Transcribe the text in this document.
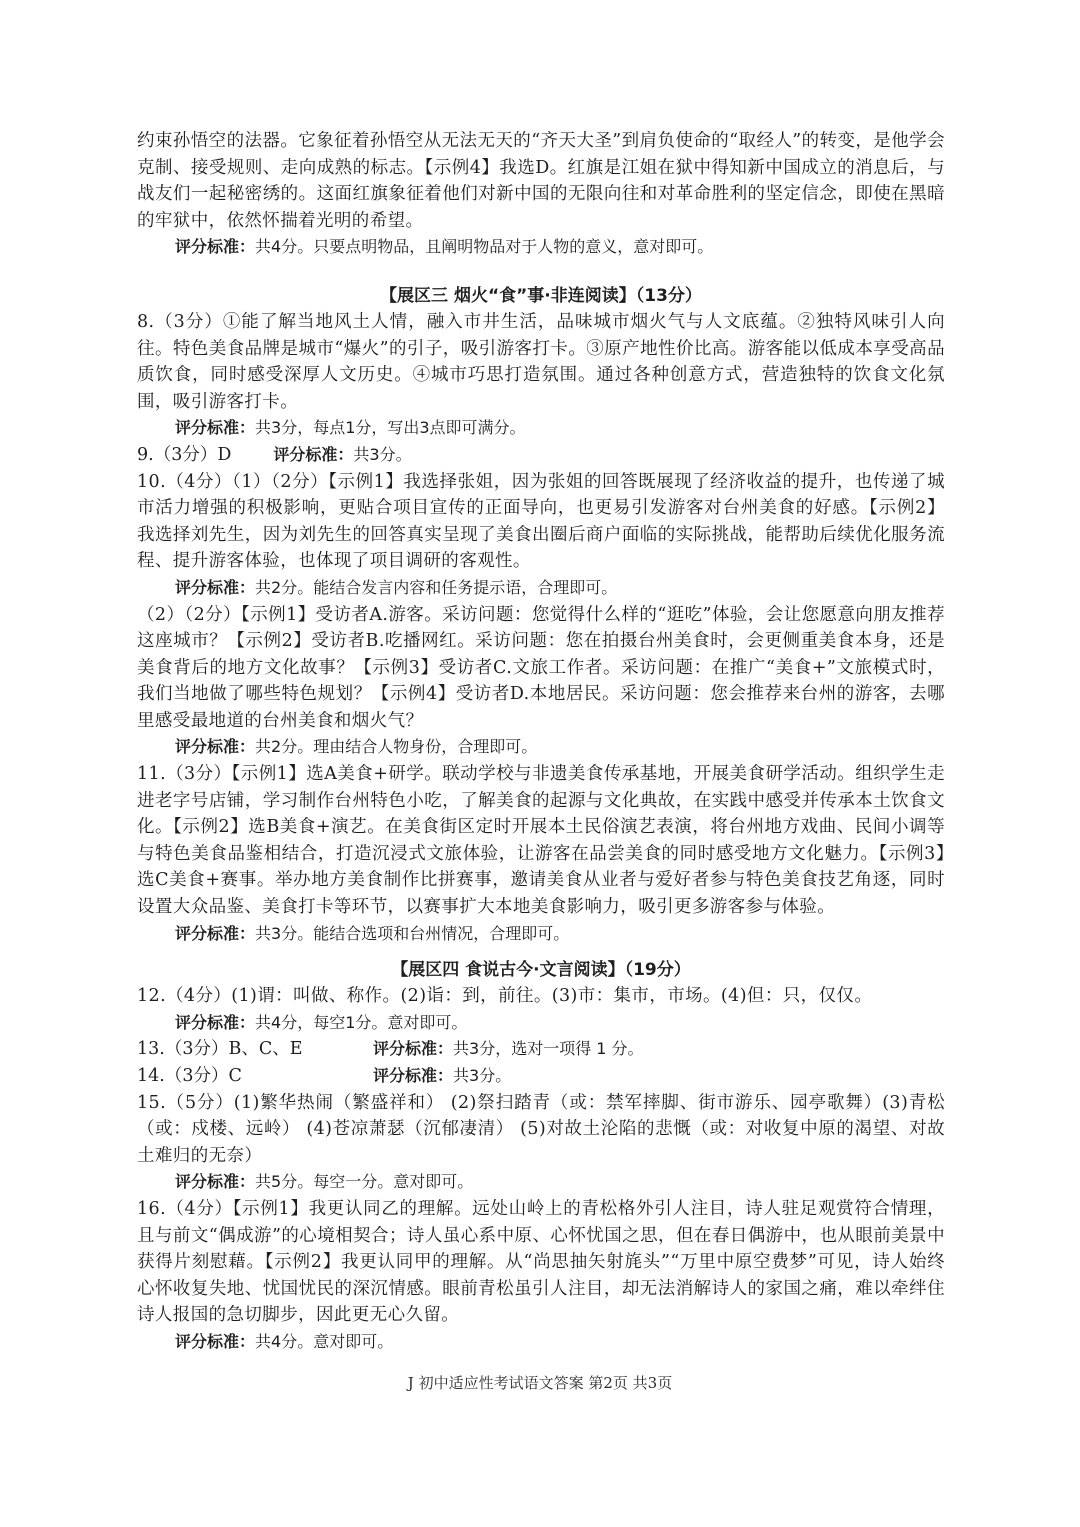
约束孙悟空的法器。它象征着孙悟空从无法无天的“齐天大圣”到肩负使命的“取经人”的转变，是他学会克制、接受规则、走向成熟的标志。【示例4】我选D。红旗是江姐在狱中得知新中国成立的消息后，与战友们一起秘密绣的。这面红旗象征着他们对新中国的无限向往和对革命胜利的坚定信念，即使在黑暗的牢狱中，依然怀揣着光明的希望。

评分标准：共4分。只要点明物品，且阐明物品对于人物的意义，意对即可。

【展区三 烟火“食”事·非连阅读】（13分）

8.（3分）①能了解当地风土人情，融入市井生活，品味城市烟火气与人文底蕴。②独特风味引人向往。特色美食品牌是城市“爆火”的引子，吸引游客打卡。③原产地性价比高。游客能以低成本享受高品质饮食，同时感受深厚人文历史。④城市巧思打造氛围。通过各种创意方式，营造独特的饮食文化氛围，吸引游客打卡。

评分标准：共3分，每点1分，写出3点即可满分。

9.（3分）D	评分标准：共3分。

10.（4分）（1）（2分）【示例1】我选择张姐，因为张姐的回答既展现了经济收益的提升，也传递了城市活力增强的积极影响，更贴合项目宣传的正面导向，也更易引发游客对台州美食的好感。【示例2】我选择刘先生，因为刘先生的回答真实呈现了美食出圈后商户面临的实际挑战，能帮助后续优化服务流程、提升游客体验，也体现了项目调研的客观性。

评分标准：共2分。能结合发言内容和任务提示语，合理即可。

（2）（2分）【示例1】受访者A.游客。采访问题：您觉得什么样的“逛吃”体验，会让您愿意向朋友推荐这座城市？【示例2】受访者B.吃播网红。采访问题：您在拍摄台州美食时，会更侧重美食本身，还是美食背后的地方文化故事？【示例3】受访者C.文旅工作者。采访问题：在推广“美食+”文旅模式时，我们当地做了哪些特色规划？【示例4】受访者D.本地居民。采访问题：您会推荐来台州的游客，去哪里感受最地道的台州美食和烟火气？

评分标准：共2分。理由结合人物身份，合理即可。

11.（3分）【示例1】选A美食+研学。联动学校与非遗美食传承基地，开展美食研学活动。组织学生走进老字号店铺，学习制作台州特色小吃，了解美食的起源与文化典故，在实践中感受并传承本土饮食文化。【示例2】选B美食+演艺。在美食街区定时开展本土民俗演艺表演，将台州地方戏曲、民间小调等与特色美食品鉴相结合，打造沉浸式文旅体验，让游客在品尝美食的同时感受地方文化魅力。【示例3】选C美食+赛事。举办地方美食制作比拼赛事，邀请美食从业者与爱好者参与特色美食技艺角逐，同时设置大众品鉴、美食打卡等环节，以赛事扩大本地美食影响力，吸引更多游客参与体验。

评分标准：共3分。能结合选项和台州情况，合理即可。

【展区四 食说古今·文言阅读】（19分）

12.（4分）(1)谓：叫做、称作。(2)诣：到，前往。(3)市：集市，市场。(4)但：只，仅仅。

评分标准：共4分，每空1分。意对即可。

13.（3分）B、C、E	评分标准：共3分，选对一项得 1 分。

14.（3分）C	评分标准：共3分。

15.（5分）(1)繁华热闹（繁盛祥和） (2)祭扫踏青（或：禁军摔脚、街市游乐、园亭歌舞）(3)青松（或：戍楼、远岭） (4)苍凉萧瑟（沉郁凄清） (5)对故土沦陷的悲慨（或：对收复中原的渴望、对故土难归的无奈）

评分标准：共5分。每空一分。意对即可。

16.（4分）【示例1】我更认同乙的理解。远处山岭上的青松格外引人注目，诗人驻足观赏符合情理，且与前文“偶成游”的心境相契合；诗人虽心系中原、心怀忧国之思，但在春日偶游中，也从眼前美景中获得片刻慰藉。【示例2】我更认同甲的理解。从“尚思抽矢射旄头”“万里中原空费梦”可见，诗人始终心怀收复失地、忧国忧民的深沉情感。眼前青松虽引人注目，却无法消解诗人的家国之痛，难以牵绊住诗人报国的急切脚步，因此更无心久留。

评分标准：共4分。意对即可。

J 初中适应性考试语文答案 第2页 共3页
